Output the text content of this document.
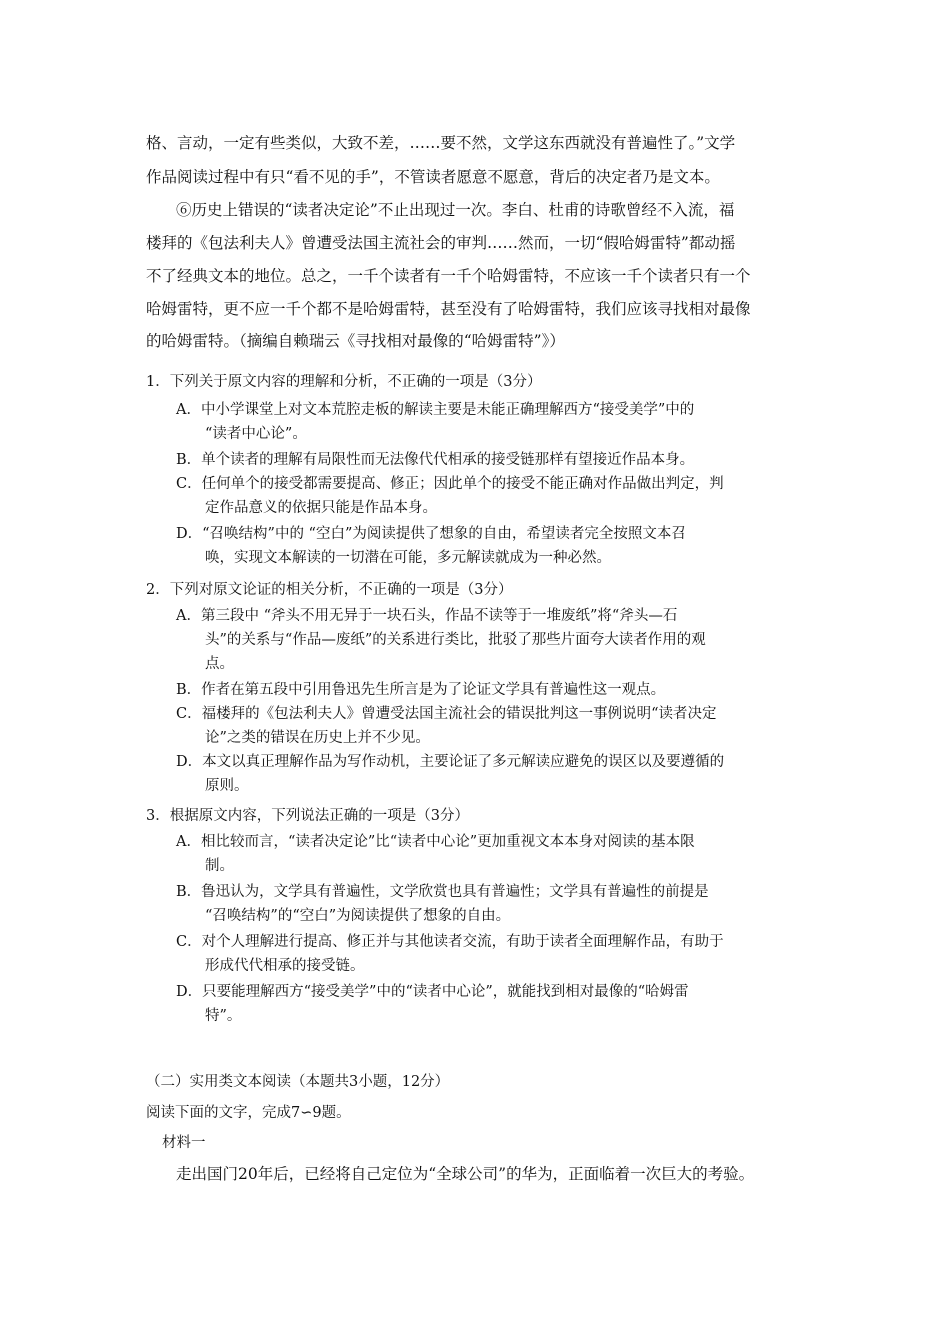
格、言动，一定有些类似，大致不差，……要不然，文学这东西就没有普遍性了。”文学
作品阅读过程中有只“看不见的手”，不管读者愿意不愿意，背后的决定者乃是文本。
⑥历史上错误的“读者决定论”不止出现过一次。李白、杜甫的诗歌曾经不入流，福
楼拜的《包法利夫人》曾遭受法国主流社会的审判……然而，一切“假哈姆雷特”都动摇
不了经典文本的地位。总之，一千个读者有一千个哈姆雷特，不应该一千个读者只有一个
哈姆雷特，更不应一千个都不是哈姆雷特，甚至没有了哈姆雷特，我们应该寻找相对最像
的哈姆雷特。（摘编自赖瑞云《寻找相对最像的“哈姆雷特”》）
1．下列关于原文内容的理解和分析，不正确的一项是（3分）
A．中小学课堂上对文本荒腔走板的解读主要是未能正确理解西方“接受美学”中的
“读者中心论”。
B．单个读者的理解有局限性而无法像代代相承的接受链那样有望接近作品本身。
C．任何单个的接受都需要提高、修正；因此单个的接受不能正确对作品做出判定，判
定作品意义的依据只能是作品本身。
D．“召唤结构”中的 “空白”为阅读提供了想象的自由，希望读者完全按照文本召
唤，实现文本解读的一切潜在可能，多元解读就成为一种必然。
2．下列对原文论证的相关分析，不正确的一项是（3分）
A．第三段中 “斧头不用无异于一块石头，作品不读等于一堆废纸”将“斧头—石
头”的关系与“作品—废纸”的关系进行类比，批驳了那些片面夸大读者作用的观
点。
B．作者在第五段中引用鲁迅先生所言是为了论证文学具有普遍性这一观点。
C．福楼拜的《包法利夫人》曾遭受法国主流社会的错误批判这一事例说明“读者决定
论”之类的错误在历史上并不少见。
D．本文以真正理解作品为写作动机，主要论证了多元解读应避免的误区以及要遵循的
原则。
3．根据原文内容，下列说法正确的一项是（3分）
A．相比较而言，“读者决定论”比“读者中心论”更加重视文本本身对阅读的基本限
制。
B．鲁迅认为，文学具有普遍性，文学欣赏也具有普遍性；文学具有普遍性的前提是
“召唤结构”的“空白”为阅读提供了想象的自由。
C．对个人理解进行提高、修正并与其他读者交流，有助于读者全面理解作品，有助于
形成代代相承的接受链。
D．只要能理解西方“接受美学”中的“读者中心论”，就能找到相对最像的“哈姆雷
特”。
（二）实用类文本阅读（本题共3小题，12分）
阅读下面的文字，完成7∽9题。
材料一
走出国门20年后，已经将自己定位为“全球公司”的华为，正面临着一次巨大的考验。
